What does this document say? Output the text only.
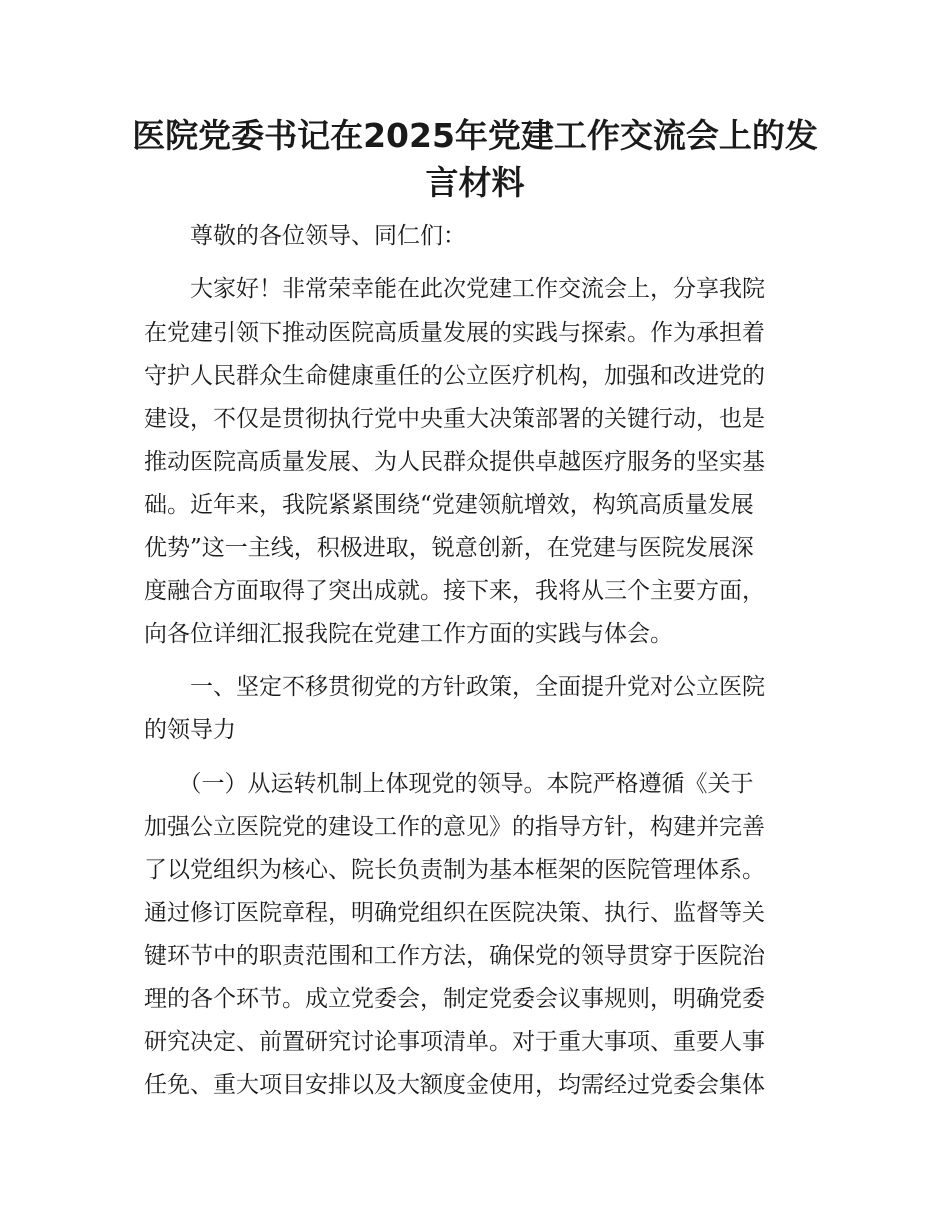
医院党委书记在2025年党建工作交流会上的发
言材料
　　尊敬的各位领导、同仁们：
　　大家好！非常荣幸能在此次党建工作交流会上，分享我院
在党建引领下推动医院高质量发展的实践与探索。作为承担着
守护人民群众生命健康重任的公立医疗机构，加强和改进党的
建设，不仅是贯彻执行党中央重大决策部署的关键行动，也是
推动医院高质量发展、为人民群众提供卓越医疗服务的坚实基
础。近年来，我院紧紧围绕“党建领航增效，构筑高质量发展
优势”这一主线，积极进取，锐意创新，在党建与医院发展深
度融合方面取得了突出成就。接下来，我将从三个主要方面，
向各位详细汇报我院在党建工作方面的实践与体会。
　　一、坚定不移贯彻党的方针政策，全面提升党对公立医院
的领导力
　　（一）从运转机制上体现党的领导。本院严格遵循《关于
加强公立医院党的建设工作的意见》的指导方针，构建并完善
了以党组织为核心、院长负责制为基本框架的医院管理体系。
通过修订医院章程，明确党组织在医院决策、执行、监督等关
键环节中的职责范围和工作方法，确保党的领导贯穿于医院治
理的各个环节。成立党委会，制定党委会议事规则，明确党委
研究决定、前置研究讨论事项清单。对于重大事项、重要人事
任免、重大项目安排以及大额度金使用，均需经过党委会集体
